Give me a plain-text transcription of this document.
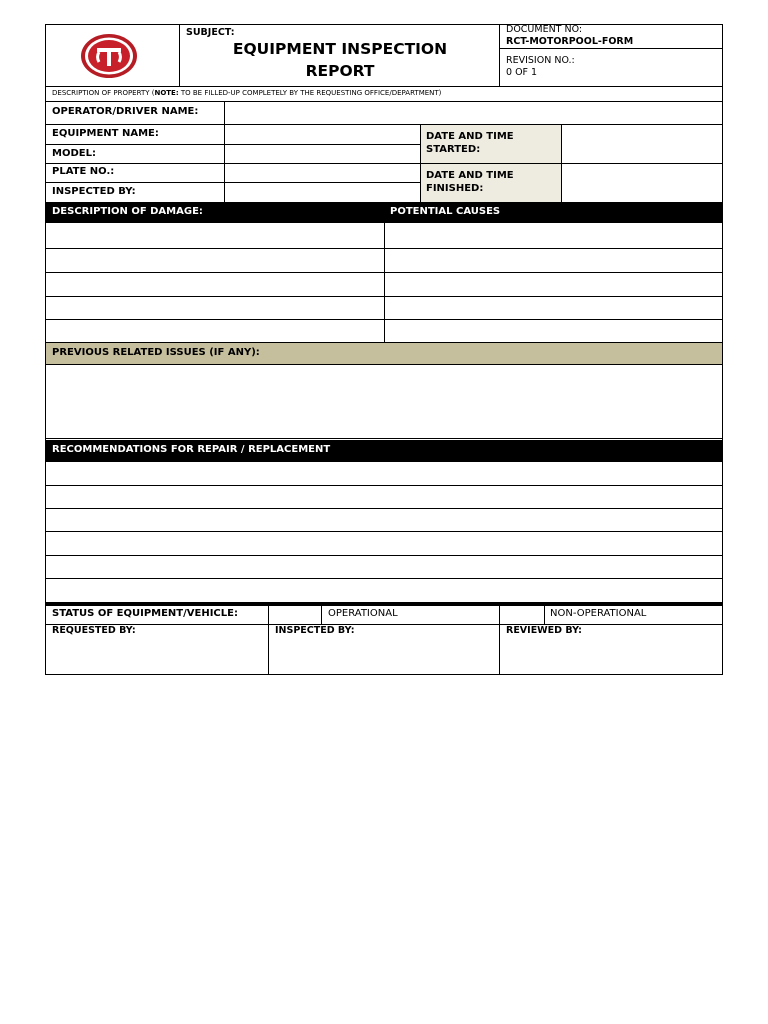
SUBJECT:
EQUIPMENT INSPECTION
REPORT
DOCUMENT NO:
RCT-MOTORPOOL-FORM
REVISION NO.:
0 OF 1
DESCRIPTION OF PROPERTY (NOTE: TO BE FILLED-UP COMPLETELY BY THE REQUESTING OFFICE/DEPARTMENT)
OPERATOR/DRIVER NAME:
EQUIPMENT NAME:
MODEL:
PLATE NO.:
INSPECTED BY:
DATE AND TIME
STARTED:
DATE AND TIME
FINISHED:
DESCRIPTION OF DAMAGE:	POTENTIAL CAUSES
PREVIOUS RELATED ISSUES (IF ANY):
RECOMMENDATIONS FOR REPAIR / REPLACEMENT
STATUS OF EQUIPMENT/VEHICLE:	OPERATIONAL	NON-OPERATIONAL
REQUESTED BY:	INSPECTED BY:	REVIEWED BY:
